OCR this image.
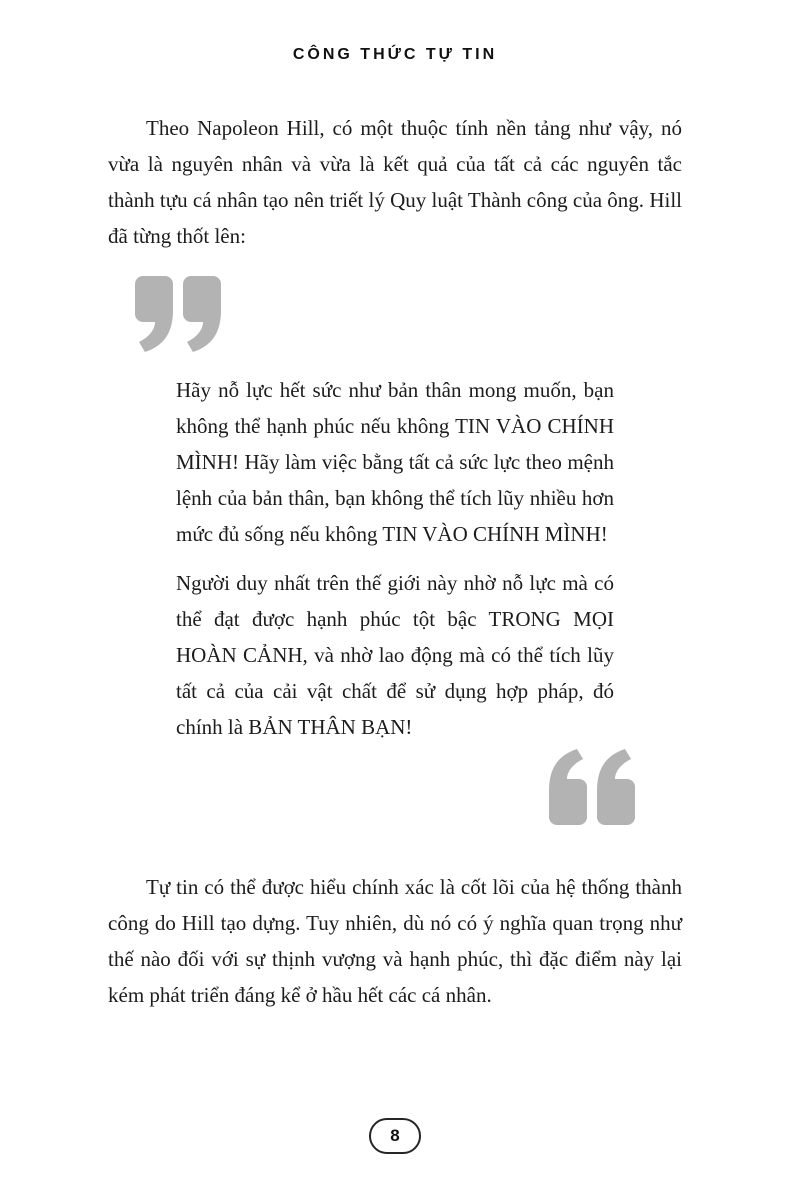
CÔNG THỨC TỰ TIN

Theo Napoleon Hill, có một thuộc tính nền tảng như vậy, nó vừa là nguyên nhân và vừa là kết quả của tất cả các nguyên tắc thành tựu cá nhân tạo nên triết lý Quy luật Thành công của ông. Hill đã từng thốt lên:

Hãy nỗ lực hết sức như bản thân mong muốn, bạn không thể hạnh phúc nếu không TIN VÀO CHÍNH MÌNH! Hãy làm việc bằng tất cả sức lực theo mệnh lệnh của bản thân, bạn không thể tích lũy nhiều hơn mức đủ sống nếu không TIN VÀO CHÍNH MÌNH!

Người duy nhất trên thế giới này nhờ nỗ lực mà có thể đạt được hạnh phúc tột bậc TRONG MỌI HOÀN CẢNH, và nhờ lao động mà có thể tích lũy tất cả của cải vật chất để sử dụng hợp pháp, đó chính là BẢN THÂN BẠN!

Tự tin có thể được hiểu chính xác là cốt lõi của hệ thống thành công do Hill tạo dựng. Tuy nhiên, dù nó có ý nghĩa quan trọng như thế nào đối với sự thịnh vượng và hạnh phúc, thì đặc điểm này lại kém phát triển đáng kể ở hầu hết các cá nhân.

8
